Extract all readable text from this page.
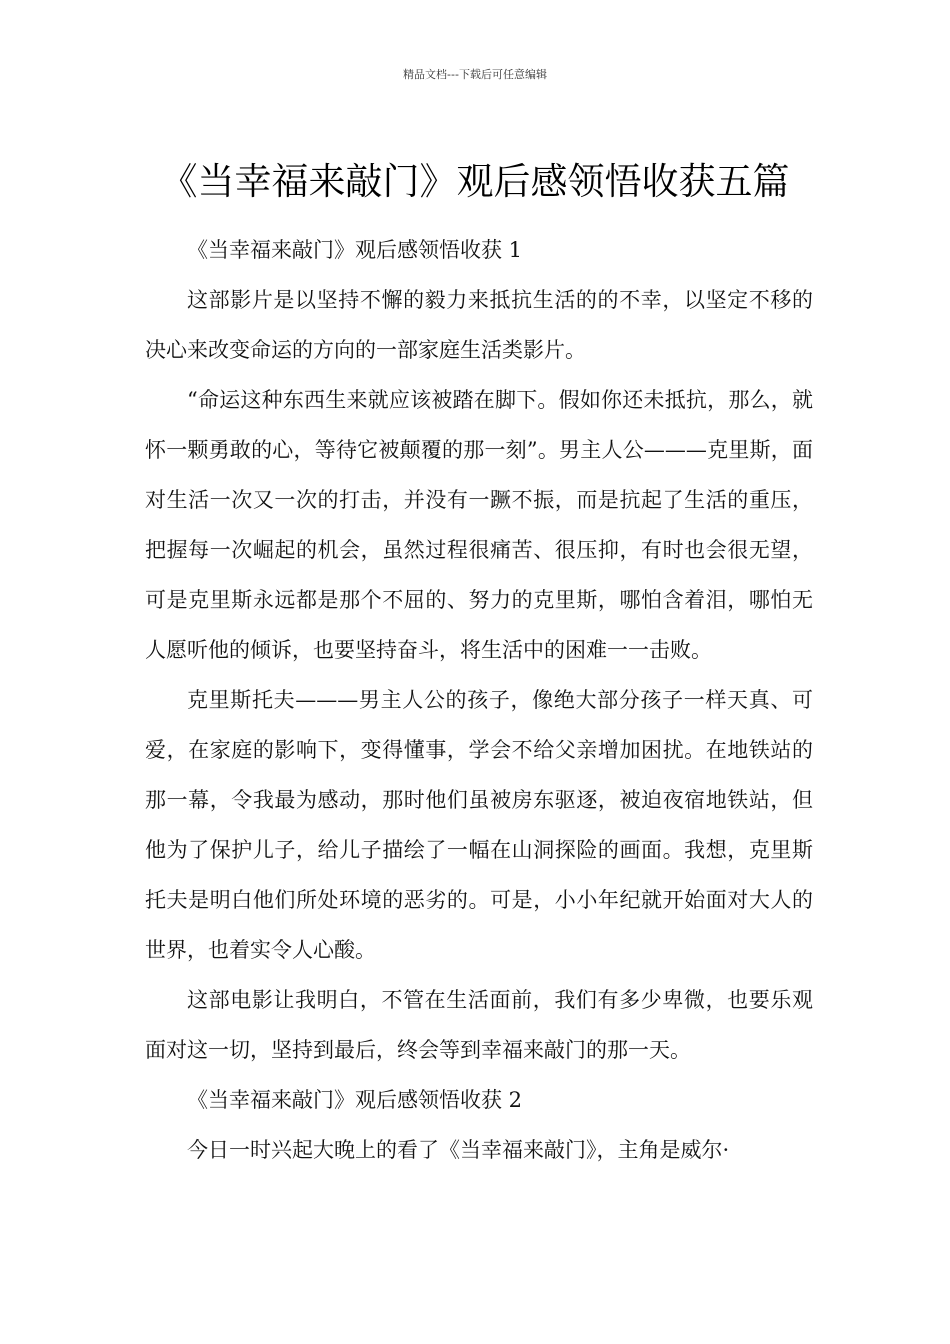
精品文档---下载后可任意编辑
《当幸福来敲门》观后感领悟收获五篇

《当幸福来敲门》观后感领悟收获 1

这部影片是以坚持不懈的毅力来抵抗生活的的不幸，以坚定不移的决心来改变命运的方向的一部家庭生活类影片。

“命运这种东西生来就应该被踏在脚下。假如你还未抵抗，那么，就怀一颗勇敢的心，等待它被颠覆的那一刻”。男主人公———克里斯，面对生活一次又一次的打击，并没有一蹶不振，而是抗起了生活的重压，把握每一次崛起的机会，虽然过程很痛苦、很压抑，有时也会很无望，可是克里斯永远都是那个不屈的、努力的克里斯，哪怕含着泪，哪怕无人愿听他的倾诉，也要坚持奋斗，将生活中的困难一一击败。

克里斯托夫———男主人公的孩子，像绝大部分孩子一样天真、可爱，在家庭的影响下，变得懂事，学会不给父亲增加困扰。在地铁站的那一幕，令我最为感动，那时他们虽被房东驱逐，被迫夜宿地铁站，但他为了保护儿子，给儿子描绘了一幅在山洞探险的画面。我想，克里斯托夫是明白他们所处环境的恶劣的。可是，小小年纪就开始面对大人的世界，也着实令人心酸。

这部电影让我明白，不管在生活面前，我们有多少卑微，也要乐观面对这一切，坚持到最后，终会等到幸福来敲门的那一天。

《当幸福来敲门》观后感领悟收获 2

今日一时兴起大晚上的看了《当幸福来敲门》，主角是威尔·
